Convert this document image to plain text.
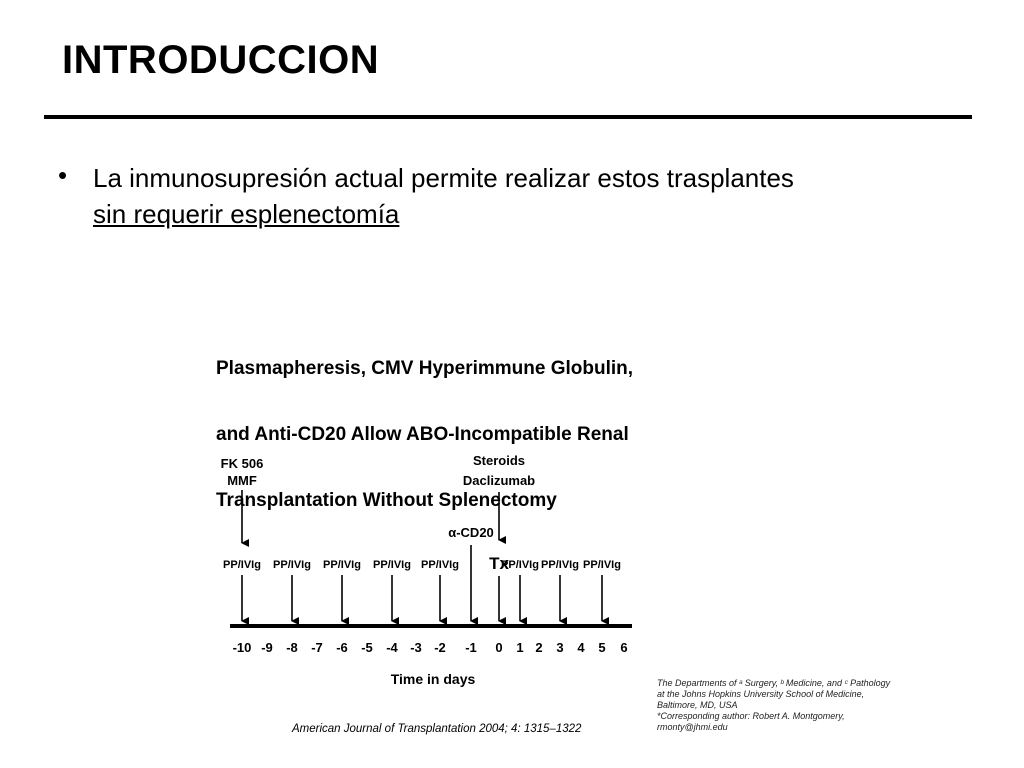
INTRODUCCION
• La inmunosupresión actual permite realizar estos trasplantes
sin requerir esplenectomía

Plasmapheresis, CMV Hyperimmune Globulin,

and Anti-CD20 Allow ABO-Incompatible Renal

Transplantation Without Splenectomy

-10 -9 -8 -7 -6 -5 -4 -3 -2 -1 0 1 2 3 4 5 6
Time in days
PP/IVIg PP/IVIg PP/IVIg PP/IVIg PP/IVIg	PP/IVIg PP/IVIg PP/IVIg
FK 506
MMF
α-CD20
Steroids
Daclizumab
Tx
American Journal of Transplantation 2004; 4: 1315–1322
The Departments of ᵃ Surgery, ᵇ Medicine, and ᶜ Pathology
at the Johns Hopkins University School of Medicine,
Baltimore, MD, USA
*Corresponding author: Robert A. Montgomery,
rmonty@jhmi.edu
